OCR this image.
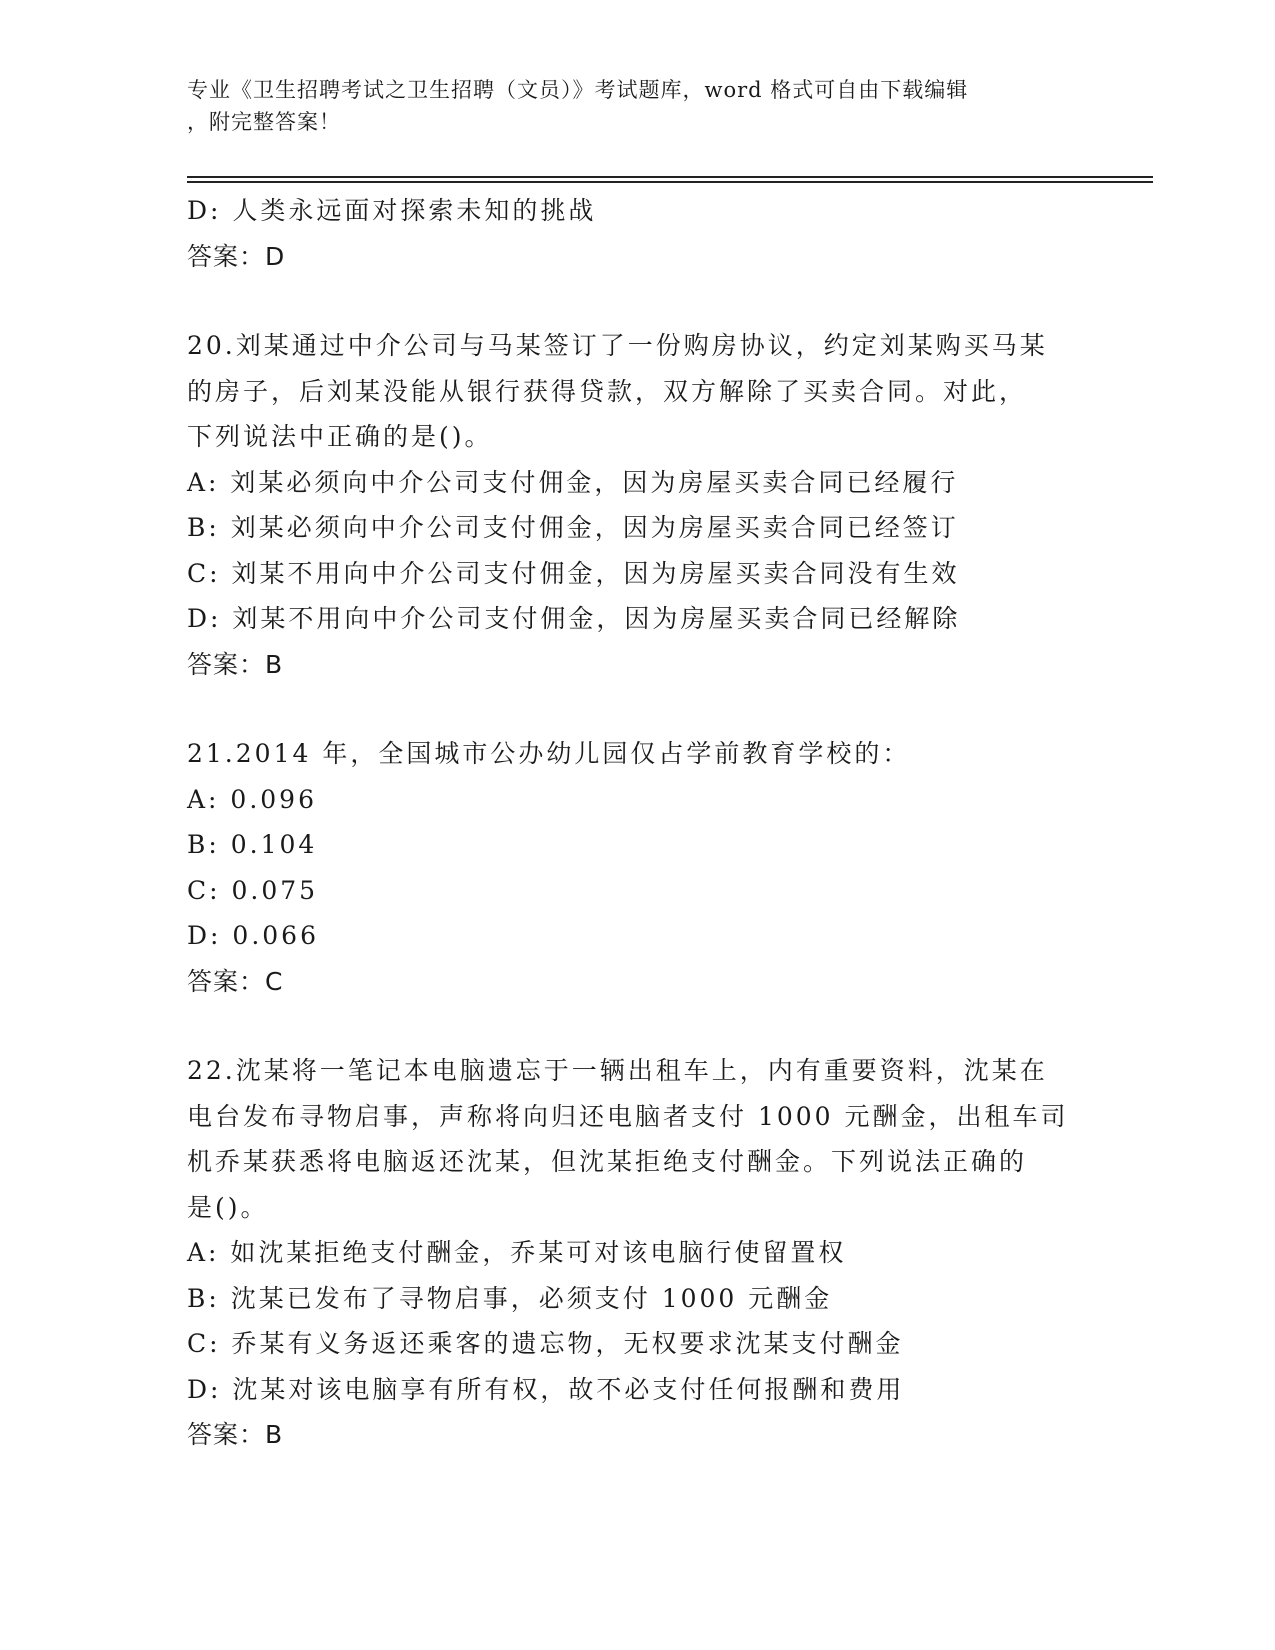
专业《卫生招聘考试之卫生招聘（文员）》考试题库，word 格式可自由下载编辑
，附完整答案！
D: 人类永远面对探索未知的挑战
答案：D
20.刘某通过中介公司与马某签订了一份购房协议，约定刘某购买马某
的房子，后刘某没能从银行获得贷款，双方解除了买卖合同。对此，
下列说法中正确的是()。
A: 刘某必须向中介公司支付佣金，因为房屋买卖合同已经履行
B: 刘某必须向中介公司支付佣金，因为房屋买卖合同已经签订
C: 刘某不用向中介公司支付佣金，因为房屋买卖合同没有生效
D: 刘某不用向中介公司支付佣金，因为房屋买卖合同已经解除
答案：B
21.2014 年，全国城市公办幼儿园仅占学前教育学校的：
A: 0.096
B: 0.104
C: 0.075
D: 0.066
答案：C
22.沈某将一笔记本电脑遗忘于一辆出租车上，内有重要资料，沈某在
电台发布寻物启事，声称将向归还电脑者支付 1000 元酬金，出租车司
机乔某获悉将电脑返还沈某，但沈某拒绝支付酬金。下列说法正确的
是()。
A: 如沈某拒绝支付酬金，乔某可对该电脑行使留置权
B: 沈某已发布了寻物启事，必须支付 1000 元酬金
C: 乔某有义务返还乘客的遗忘物，无权要求沈某支付酬金
D: 沈某对该电脑享有所有权，故不必支付任何报酬和费用
答案：B
